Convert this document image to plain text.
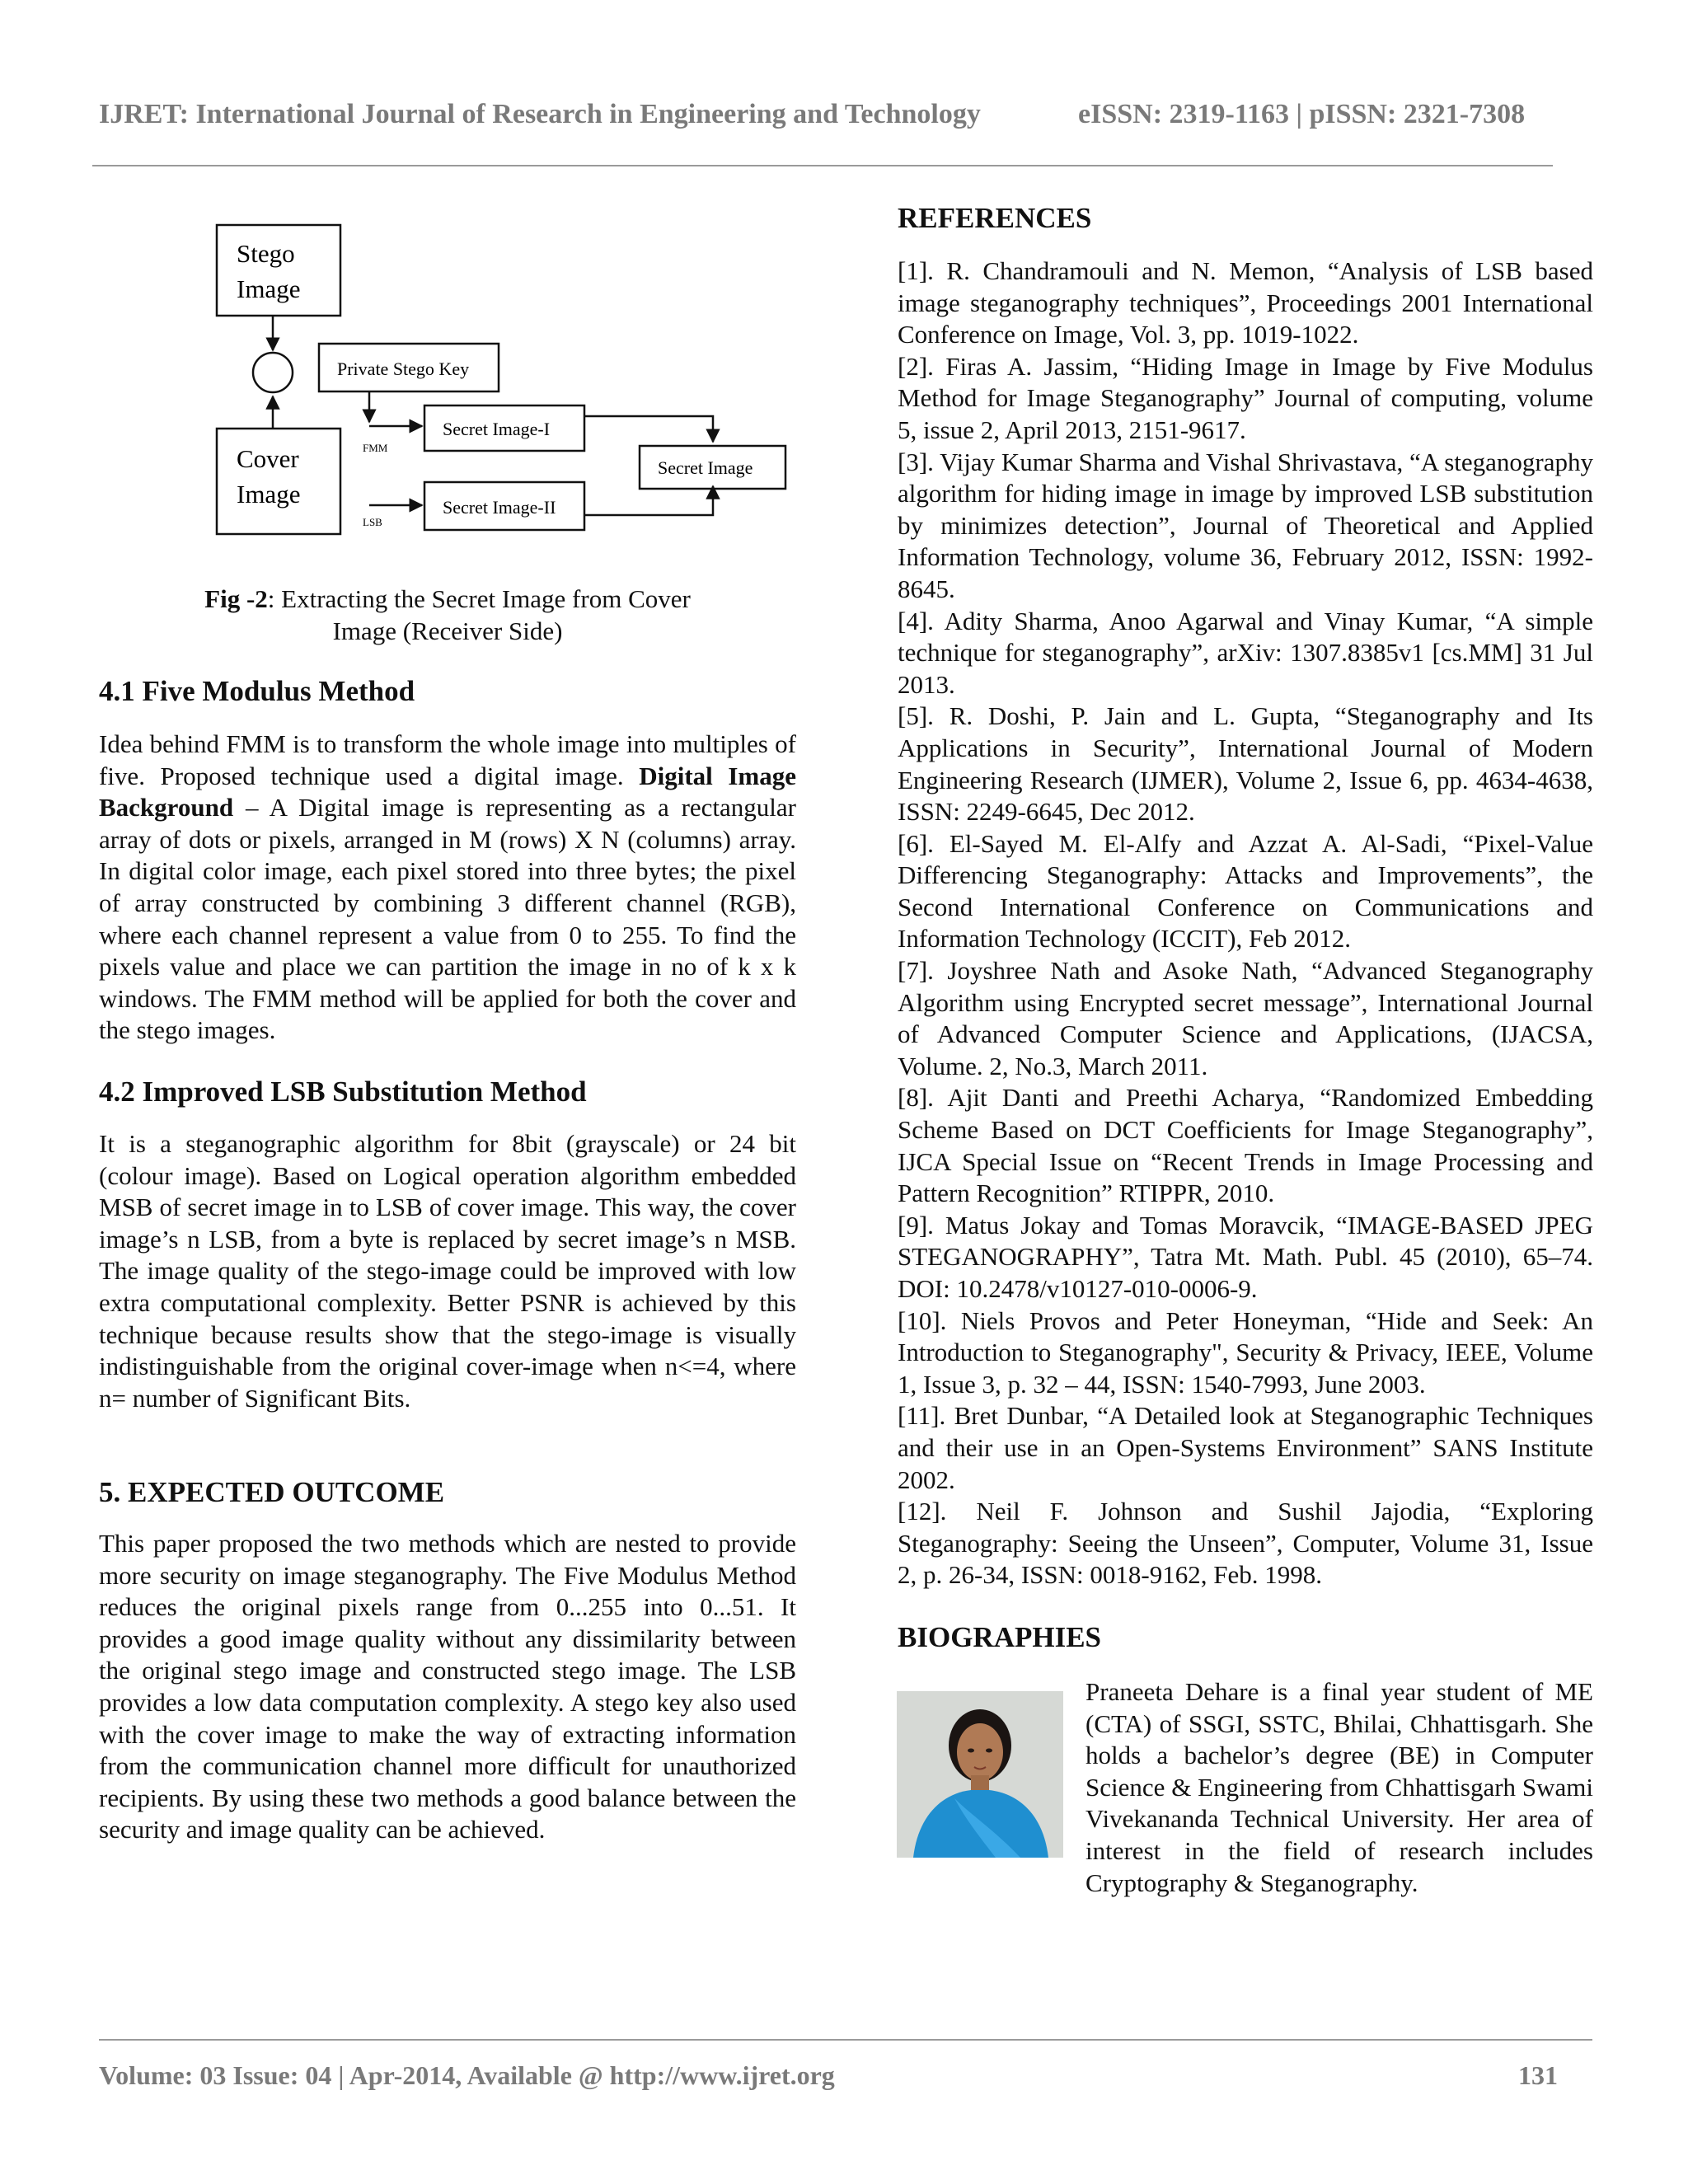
IJRET: International Journal of Research in Engineering and Technology	eISSN: 2319-1163 | pISSN: 2321-7308
Stego
Image
Cover
Image
Private Stego Key
FMM
LSB
Secret Image-I
Secret Image-II
Secret Image
Fig -2: Extracting the Secret Image from Cover
Image (Receiver Side)
4.1 Five Modulus Method

Idea behind FMM is to transform the whole image into multiples of five. Proposed technique used a digital image. Digital Image Background – A Digital image is representing as a rectangular array of dots or pixels, arranged in M (rows) X N (columns) array. In digital color image, each pixel stored into three bytes; the pixel of array constructed by combining 3 different channel (RGB), where each channel represent a value from 0 to 255. To find the pixels value and place we can partition the image in no of k x k windows. The FMM method will be applied for both the cover and the stego images.

4.2 Improved LSB Substitution Method

It is a steganographic algorithm for 8bit (grayscale) or 24 bit (colour image). Based on Logical operation algorithm embedded MSB of secret image in to LSB of cover image. This way, the cover image’s n LSB, from a byte is replaced by secret image’s n MSB. The image quality of the stego-image could be improved with low extra computational complexity. Better PSNR is achieved by this technique because results show that the stego-image is visually indistinguishable from the original cover-image when n<=4, where n= number of Significant Bits.

5. EXPECTED OUTCOME

This paper proposed the two methods which are nested to provide more security on image steganography. The Five Modulus Method reduces the original pixels range from 0...255 into 0...51. It provides a good image quality without any dissimilarity between the original stego image and constructed stego image. The LSB provides a low data computation complexity. A stego key also used with the cover image to make the way of extracting information from the communication channel more difficult for unauthorized recipients. By using these two methods a good balance between the security and image quality can be achieved.

REFERENCES

[1]. R. Chandramouli and N. Memon, “Analysis of LSB based image steganography techniques”, Proceedings 2001 International Conference on Image, Vol. 3, pp. 1019-1022.

[2]. Firas A. Jassim, “Hiding Image in Image by Five Modulus Method for Image Steganography” Journal of computing, volume 5, issue 2, April 2013, 2151-9617.

[3]. Vijay Kumar Sharma and Vishal Shrivastava, “A steganography algorithm for hiding image in image by improved LSB substitution by minimizes detection”, Journal of Theoretical and Applied Information Technology, volume 36, February 2012, ISSN: 1992-8645.

[4]. Adity Sharma, Anoo Agarwal and Vinay Kumar, “A simple technique for steganography”, arXiv: 1307.8385v1 [cs.MM] 31 Jul 2013.

[5]. R. Doshi, P. Jain and L. Gupta, “Steganography and Its Applications in Security”, International Journal of Modern Engineering Research (IJMER), Volume 2, Issue 6, pp. 4634-4638, ISSN: 2249-6645, Dec 2012.

[6]. El-Sayed M. El-Alfy and Azzat A. Al-Sadi, “Pixel-Value Differencing Steganography: Attacks and Improvements”, the Second International Conference on Communications and Information Technology (ICCIT), Feb 2012.

[7]. Joyshree Nath and Asoke Nath, “Advanced Steganography Algorithm using Encrypted secret message”, International Journal of Advanced Computer Science and Applications, (IJACSA, Volume. 2, No.3, March 2011.

[8]. Ajit Danti and Preethi Acharya, “Randomized Embedding Scheme Based on DCT Coefficients for Image Steganography”, IJCA Special Issue on “Recent Trends in Image Processing and Pattern Recognition” RTIPPR, 2010.

[9]. Matus Jokay and Tomas Moravcik, “IMAGE-BASED JPEG STEGANOGRAPHY”, Tatra Mt. Math. Publ. 45 (2010), 65–74. DOI: 10.2478/v10127-010-0006-9.

[10]. Niels Provos and Peter Honeyman, “Hide and Seek: An Introduction to Steganography", Security & Privacy, IEEE, Volume 1, Issue 3, p. 32 – 44, ISSN: 1540-7993, June 2003.

[11]. Bret Dunbar, “A Detailed look at Steganographic Techniques and their use in an Open-Systems Environment” SANS Institute 2002.

[12]. Neil F. Johnson and Sushil Jajodia, “Exploring Steganography: Seeing the Unseen”, Computer, Volume 31, Issue 2, p. 26-34, ISSN: 0018-9162, Feb. 1998.

BIOGRAPHIES

Praneeta Dehare is a final year student of ME (CTA) of SSGI, SSTC, Bhilai, Chhattisgarh. She holds a bachelor’s degree (BE) in Computer Science & Engineering from Chhattisgarh Swami Vivekananda Technical University. Her area of interest in the field of research includes Cryptography & Steganography.

Volume: 03 Issue: 04 | Apr-2014, Available @ http://www.ijret.org	131
